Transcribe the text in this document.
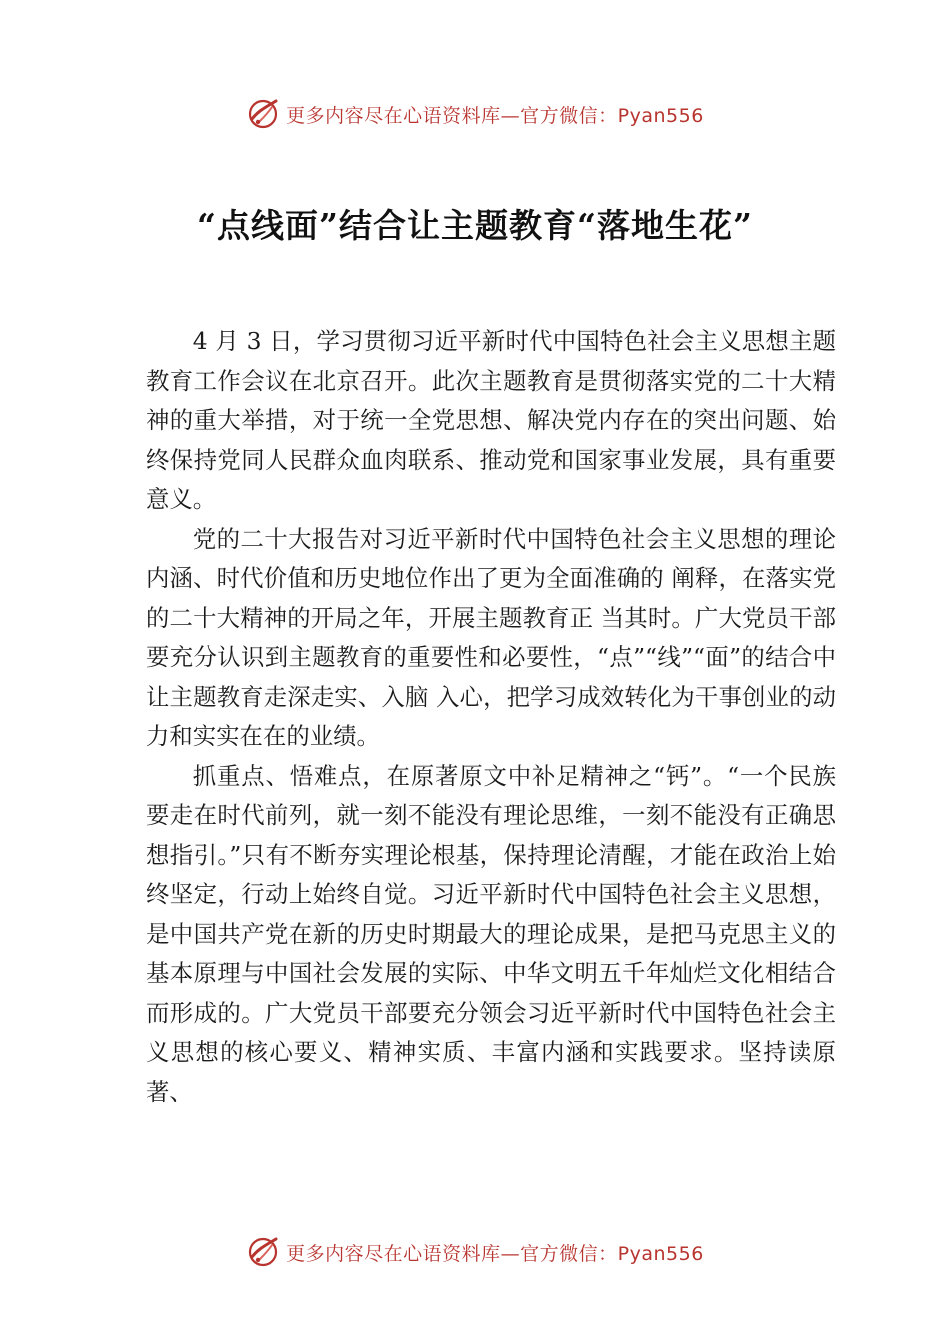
更多内容尽在心语资料库—官方微信：Pyan556
“点线面”结合让主题教育“落地生花”

4 月 3 日，学习贯彻习近平新时代中国特色社会主义思想主题教育工作会议在北京召开。此次主题教育是贯彻落实党的二十大精神的重大举措，对于统一全党思想、解决党内存在的突出问题、始终保持党同人民群众血肉联系、推动党和国家事业发展，具有重要意义。

党的二十大报告对习近平新时代中国特色社会主义思想的理论内涵、时代价值和历史地位作出了更为全面准确的 阐释，在落实党的二十大精神的开局之年，开展主题教育正 当其时。广大党员干部要充分认识到主题教育的重要性和必要性，“点”“线”“面”的结合中让主题教育走深走实、入脑 入心，把学习成效转化为干事创业的动力和实实在在的业绩。

抓重点、悟难点，在原著原文中补足精神之“钙”。“一个民族要走在时代前列，就一刻不能没有理论思维，一刻不能没有正确思想指引。”只有不断夯实理论根基，保持理论清醒，才能在政治上始终坚定，行动上始终自觉。习近平新时代中国特色社会主义思想，是中国共产党在新的历史时期最大的理论成果，是把马克思主义的基本原理与中国社会发展的实际、中华文明五千年灿烂文化相结合而形成的。广大党员干部要充分领会习近平新时代中国特色社会主义思想的核心要义、精神实质、丰富内涵和实践要求。坚持读原著、

更多内容尽在心语资料库—官方微信：Pyan556
